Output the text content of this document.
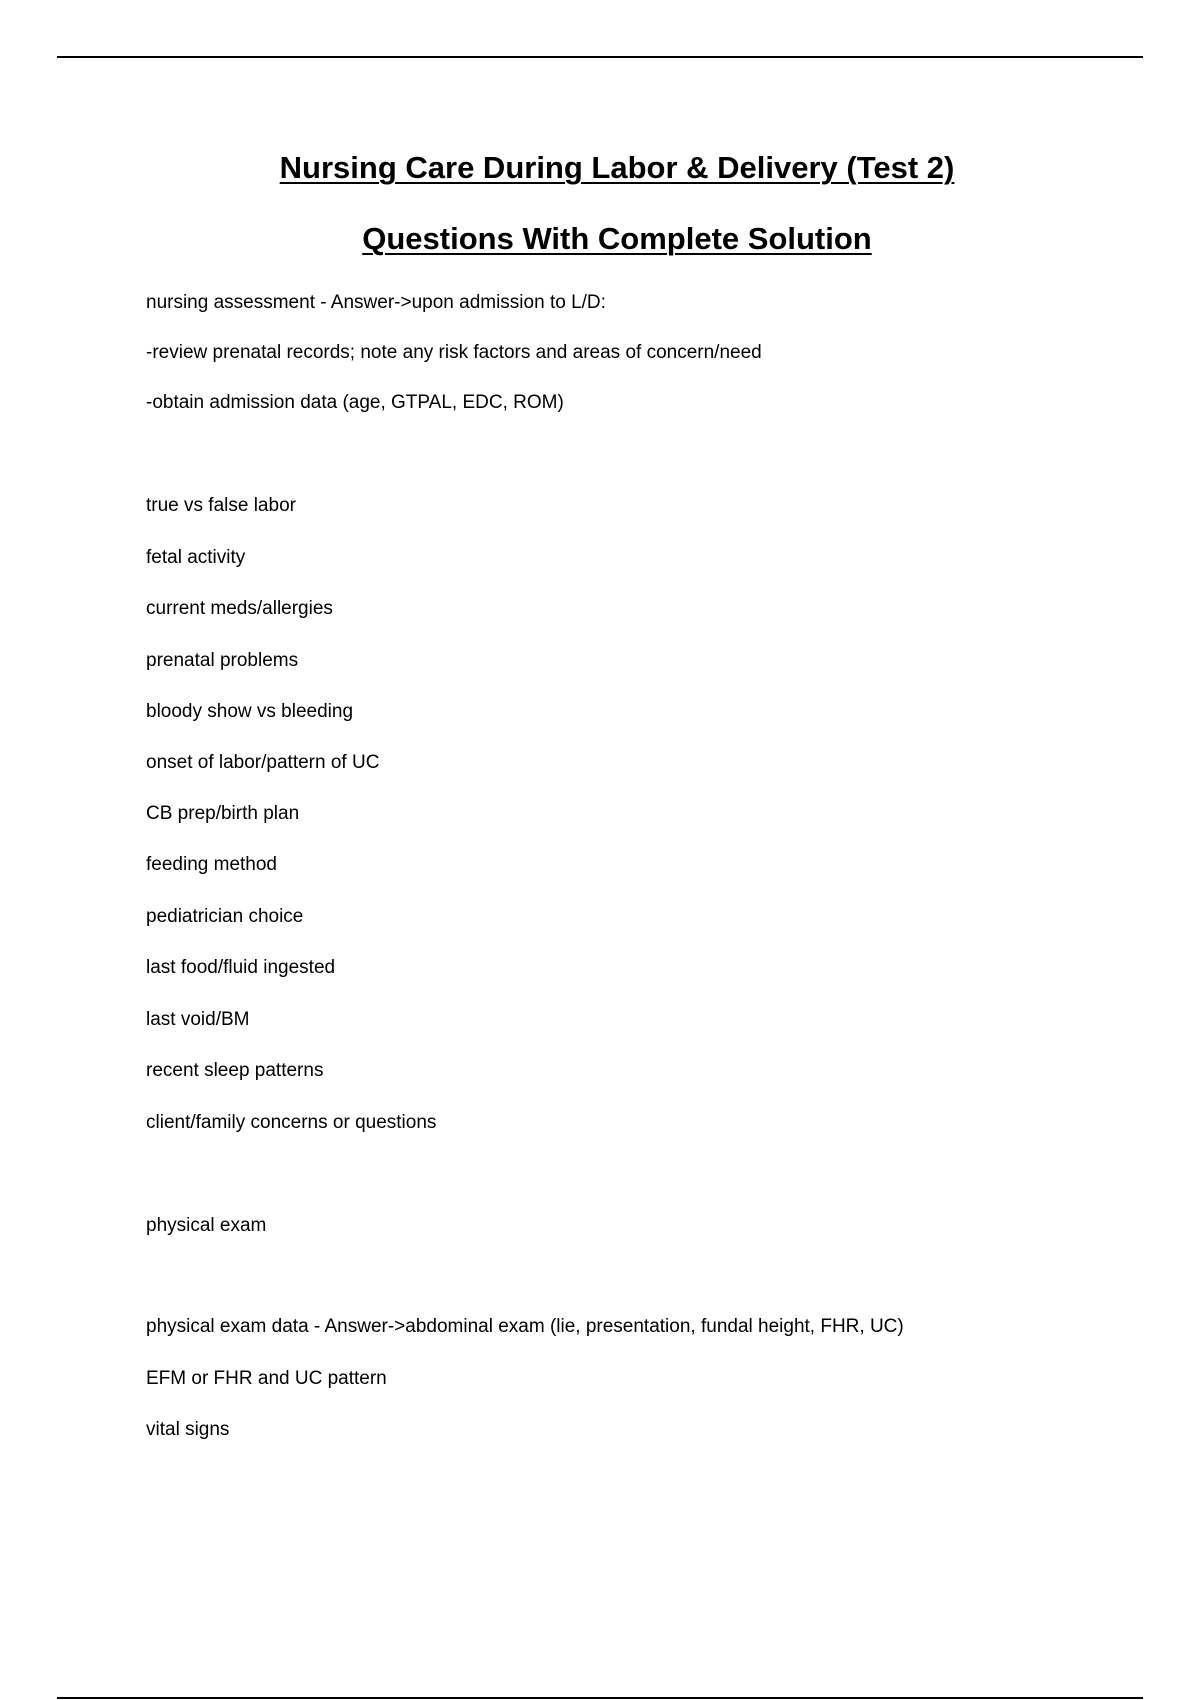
Nursing Care During Labor & Delivery (Test 2)
Questions With Complete Solution

nursing assessment - Answer->upon admission to L/D:

-review prenatal records; note any risk factors and areas of concern/need

-obtain admission data (age, GTPAL, EDC, ROM)

true vs false labor

fetal activity

current meds/allergies

prenatal problems

bloody show vs bleeding

onset of labor/pattern of UC

CB prep/birth plan

feeding method

pediatrician choice

last food/fluid ingested

last void/BM

recent sleep patterns

client/family concerns or questions

physical exam

physical exam data - Answer->abdominal exam (lie, presentation, fundal height, FHR, UC)

EFM or FHR and UC pattern

vital signs
